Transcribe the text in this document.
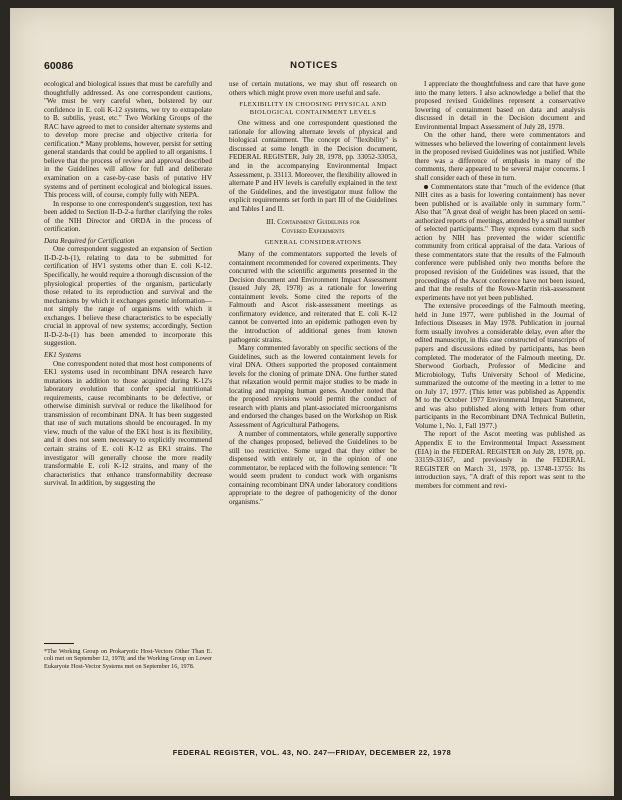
60086	NOTICES

ecological and biological issues that must be carefully and thoughtfully addressed. As one correspondent cautions, "We must be very careful when, bolstered by our confidence in E. coli K-12 systems, we try to extrapolate to B. subtilis, yeast, etc." Two Working Groups of the RAC have agreed to met to consider alternate systems and to develop more precise and objective criteria for certification.* Many problems, however, persist for setting general standards that could be applied to all organisms. I believe that the process of review and approval described in the Guidelines will allow for full and deliberate examination on a case-by-case basis of putative HV systems and of pertinent ecological and biological issues. This process will, of course, comply fully with NEPA.

In response to one correspondent's suggestion, text has been added to Section II-D-2-a further clarifying the roles of the NIH Director and ORDA in the process of certification.

Data Required for Certification

One correspondent suggested an expansion of Section II-D-2-b-(1), relating to data to be submitted for certification of HV1 systems other than E. coli K-12. Specifically, he would require a thorough discussion of the physiological properties of the organism, particularly those related to its reproduction and survival and the mechanisms by which it exchanges genetic information—not simply the range of organisms with which it exchanges. I believe these characteristics to be especially crucial in approval of new systems; accordingly, Section II-D-2-b-(1) has been amended to incorporate this suggestion.

EK1 Systems

One correspondent noted that most host components of EK1 systems used in recombinant DNA research have mutations in addition to those acquired during K-12's laboratory evolution that confer special nutritional requirements, cause recombinants to be defective, or otherwise diminish survival or reduce the likelihood for transmission of recombinant DNA. It has been suggested that use of such mutations should be encouraged. In my view, much of the value of the EK1 host is its flexibility, and it does not seem necessary to explicitly recommend certain strains of E. coli K-12 as EK1 strains. The investigator will generally choose the more readily transformable E. coli K-12 strains, and many of the characteristics that enhance transformability decrease survival. In addition, by suggesting the

*The Working Group on Prokaryotic Host-Vectors Other Than E. coli met on September 12, 1978; and the Working Group on Lower Eukaryote Host-Vector Systems met on September 16, 1978.

use of certain mutations, we may shut off research on others which might prove even more useful and safe.

FLEXIBILITY IN CHOOSING PHYSICAL AND
BIOLOGICAL CONTAINMENT LEVELS

One witness and one correspondent questioned the rationale for allowing alternate levels of physical and biological containment. The concept of "flexibility" is discussed at some length in the Decision document, FEDERAL REGISTER, July 28, 1978, pp. 33052-33053, and in the accompanying Environmental Impact Assessment, p. 33113. Moreover, the flexibility allowed in alternate P and HV levels is carefully explained in the text of the Guidelines, and the investigator must follow the explicit requirements set forth in part III of the Guidelines and Tables I and II.

III. Containment Guidelines for
Covered Experiments
GENERAL CONSIDERATIONS

Many of the commentators supported the levels of containment recommended for covered experiments. They concurred with the scientific arguments presented in the Decision document and Environment Impact Assessment (issued July 28, 1978) as a rationale for lowering containment levels. Some cited the reports of the Falmouth and Ascot risk-assessment meetings as confirmatory evidence, and reiterated that E. coli K-12 cannot be converted into an epidemic pathogen even by the introduction of additional genes from known pathogenic strains.

Many commented favorably on specific sections of the Guidelines, such as the lowered containment levels for viral DNA. Others supported the proposed containment levels for the cloning of primate DNA. One further stated that relaxation would permit major studies to be made in locating and mapping human genes. Another noted that the proposed revisions would permit the conduct of research with plants and plant-associated microorganisms and endorsed the changes based on the Workshop on Risk Assessment of Agricultural Pathogens.

A number of commentators, while generally supportive of the changes proposed, believed the Guidelines to be still too restrictive. Some urged that they either be dispensed with entirely or, in the opinion of one commentator, be replaced with the following sentence: "It would seem prudent to conduct work with organisms containing recombinant DNA under laboratory conditions appropriate to the degree of pathogenicity of the donor organisms."

I appreciate the thoughtfulness and care that have gone into the many letters. I also acknowledge a belief that the proposed revised Guidelines represent a conservative lowering of containment based on data and analysis discussed in detail in the Decision document and Environmental Impact Assessment of July 28, 1978.

On the other hand, there were commentators and witnesses who believed the lowering of containment levels in the proposed revised Guidelines was not justified. While there was a difference of emphasis in many of the comments, there appeared to be several major concerns. I shall consider each of these in turn.

Commentators state that "much of the evidence (that NIH cites as a basis for lowering containment) has never been published or is available only in summary form." Also that "A great deal of weight has been placed on semi-authorized reports of meetings, attended by a small number of selected participants." They express concern that such action by NIH has prevented the wider scientific community from critical appraisal of the data. Various of these commentators state that the results of the Falmouth conference were published only two months before the proposed revision of the Guidelines was issued, that the proceedings of the Ascot conference have not been issued, and that the results of the Rowe-Martin risk-assessment experiments have not yet been published.

The extensive proceedings of the Falmouth meeting, held in June 1977, were published in the Journal of Infectious Diseases in May 1978. Publication in journal form usually involves a considerable delay, even after the edited manuscript, in this case constructed of transcripts of papers and discussions edited by participants, has been completed. The moderator of the Falmouth meeting, Dr. Sherwood Gorbach, Professor of Medicine and Microbiology, Tufts University School of Medicine, summarized the outcome of the meeting in a letter to me on July 17, 1977. (This letter was published as Appendix M to the October 1977 Environmental Impact Statement, and was also published along with letters from other participants in the Recombinant DNA Technical Bulletin, Volume 1, No. 1, Fall 1977.)

The report of the Ascot meeting was published as Appendix E to the Environmental Impact Assessment (EIA) in the FEDERAL REGISTER on July 28, 1978, pp. 33159-33167, and previously in the FEDERAL REGISTER on March 31, 1978, pp. 13748-13755: Its introduction says, "A draft of this report was sent to the members for comment and revi-

FEDERAL REGISTER, VOL. 43, NO. 247—FRIDAY, DECEMBER 22, 1978
